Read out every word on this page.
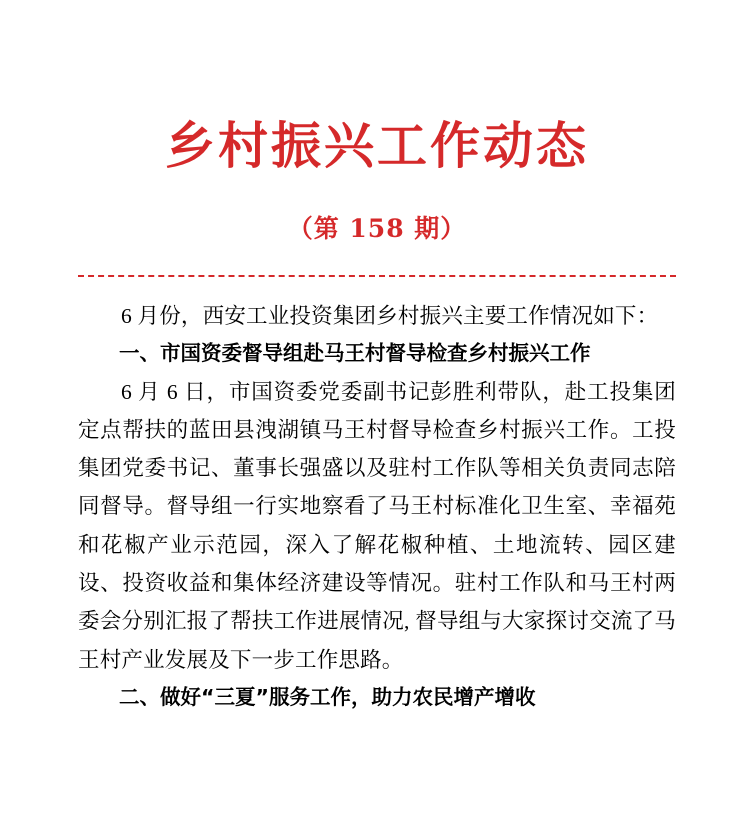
乡村振兴工作动态
（第 158 期）

6 月份，西安工业投资集团乡村振兴主要工作情况如下：

一、市国资委督导组赴马王村督导检查乡村振兴工作

6 月 6 日，市国资委党委副书记彭胜利带队，赴工投集团定点帮扶的蓝田县洩湖镇马王村督导检查乡村振兴工作。工投集团党委书记、董事长强盛以及驻村工作队等相关负责同志陪同督导。督导组一行实地察看了马王村标准化卫生室、幸福苑和花椒产业示范园，深入了解花椒种植、土地流转、园区建设、投资收益和集体经济建设等情况。驻村工作队和马王村两委会分别汇报了帮扶工作进展情况, 督导组与大家探讨交流了马王村产业发展及下一步工作思路。

二、做好“三夏”服务工作，助力农民增产增收
